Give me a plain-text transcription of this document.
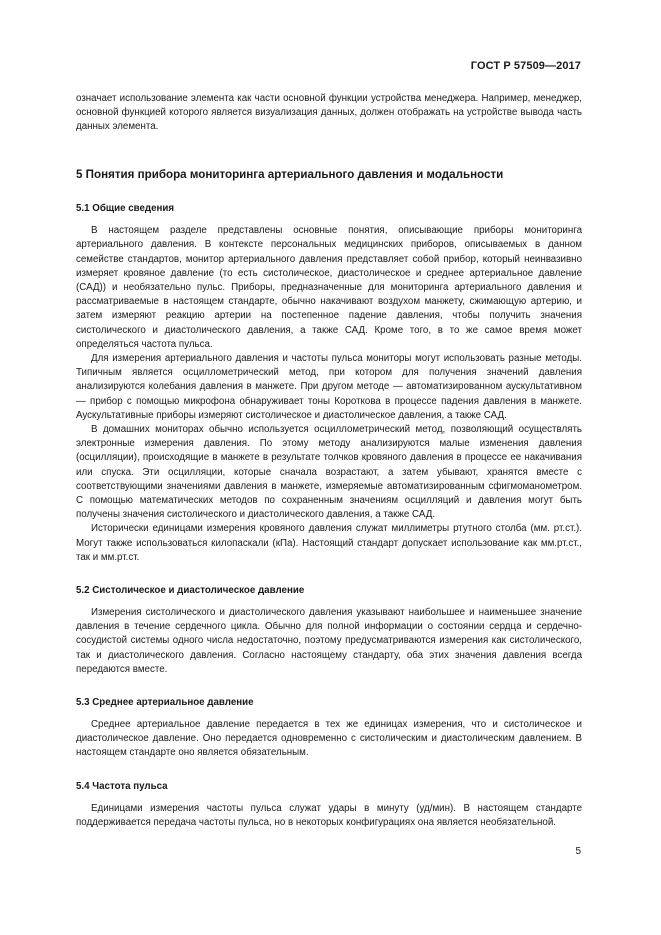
ГОСТ Р 57509—2017

означает использование элемента как части основной функции устройства менеджера. Например, менеджер, основной функцией которого является визуализация данных, должен отображать на устройстве вывода часть данных элемента.

5 Понятия прибора мониторинга артериального давления и модальности
5.1 Общие сведения

В настоящем разделе представлены основные понятия, описывающие приборы мониторинга артериального давления. В контексте персональных медицинских приборов, описываемых в данном семействе стандартов, монитор артериального давления представляет собой прибор, который неинвазивно измеряет кровяное давление (то есть систолическое, диастолическое и среднее артериальное давление (САД)) и необязательно пульс. Приборы, предназначенные для мониторинга артериального давления и рассматриваемые в настоящем стандарте, обычно накачивают воздухом манжету, сжимающую артерию, и затем измеряют реакцию артерии на постепенное падение давления, чтобы получить значения систолического и диастолического давления, а также САД. Кроме того, в то же самое время может определяться частота пульса.

Для измерения артериального давления и частоты пульса мониторы могут использовать разные методы. Типичным является осциллометрический метод, при котором для получения значений давления анализируются колебания давления в манжете. При другом методе — автоматизированном аускультативном — прибор с помощью микрофона обнаруживает тоны Короткова в процессе падения давления в манжете. Аускультативные приборы измеряют систолическое и диастолическое давления, а также САД.

В домашних мониторах обычно используется осциллометрический метод, позволяющий осуществлять электронные измерения давления. По этому методу анализируются малые изменения давления (осцилляции), происходящие в манжете в результате толчков кровяного давления в процессе ее накачивания или спуска. Эти осцилляции, которые сначала возрастают, а затем убывают, хранятся вместе с соответствующими значениями давления в манжете, измеряемые автоматизированным сфигмоманометром. С помощью математических методов по сохраненным значениям осцилляций и давления могут быть получены значения систолического и диастолического давления, а также САД.

Исторически единицами измерения кровяного давления служат миллиметры ртутного столба (мм. рт.ст.). Могут также использоваться килопаскали (кПа). Настоящий стандарт допускает использование как мм.рт.ст., так и мм.рт.ст.

5.2 Систолическое и диастолическое давление

Измерения систолического и диастолического давления указывают наибольшее и наименьшее значение давления в течение сердечного цикла. Обычно для полной информации о состоянии сердца и сердечно-сосудистой системы одного числа недостаточно, поэтому предусматриваются измерения как систолического, так и диастолического давления. Согласно настоящему стандарту, оба этих значения давления всегда передаются вместе.

5.3 Среднее артериальное давление

Среднее артериальное давление передается в тех же единицах измерения, что и систолическое и диастолическое давление. Оно передается одновременно с систолическим и диастолическим давлением. В настоящем стандарте оно является обязательным.

5.4 Частота пульса

Единицами измерения частоты пульса служат удары в минуту (уд/мин). В настоящем стандарте поддерживается передача частоты пульса, но в некоторых конфигурациях она является необязательной.

5
